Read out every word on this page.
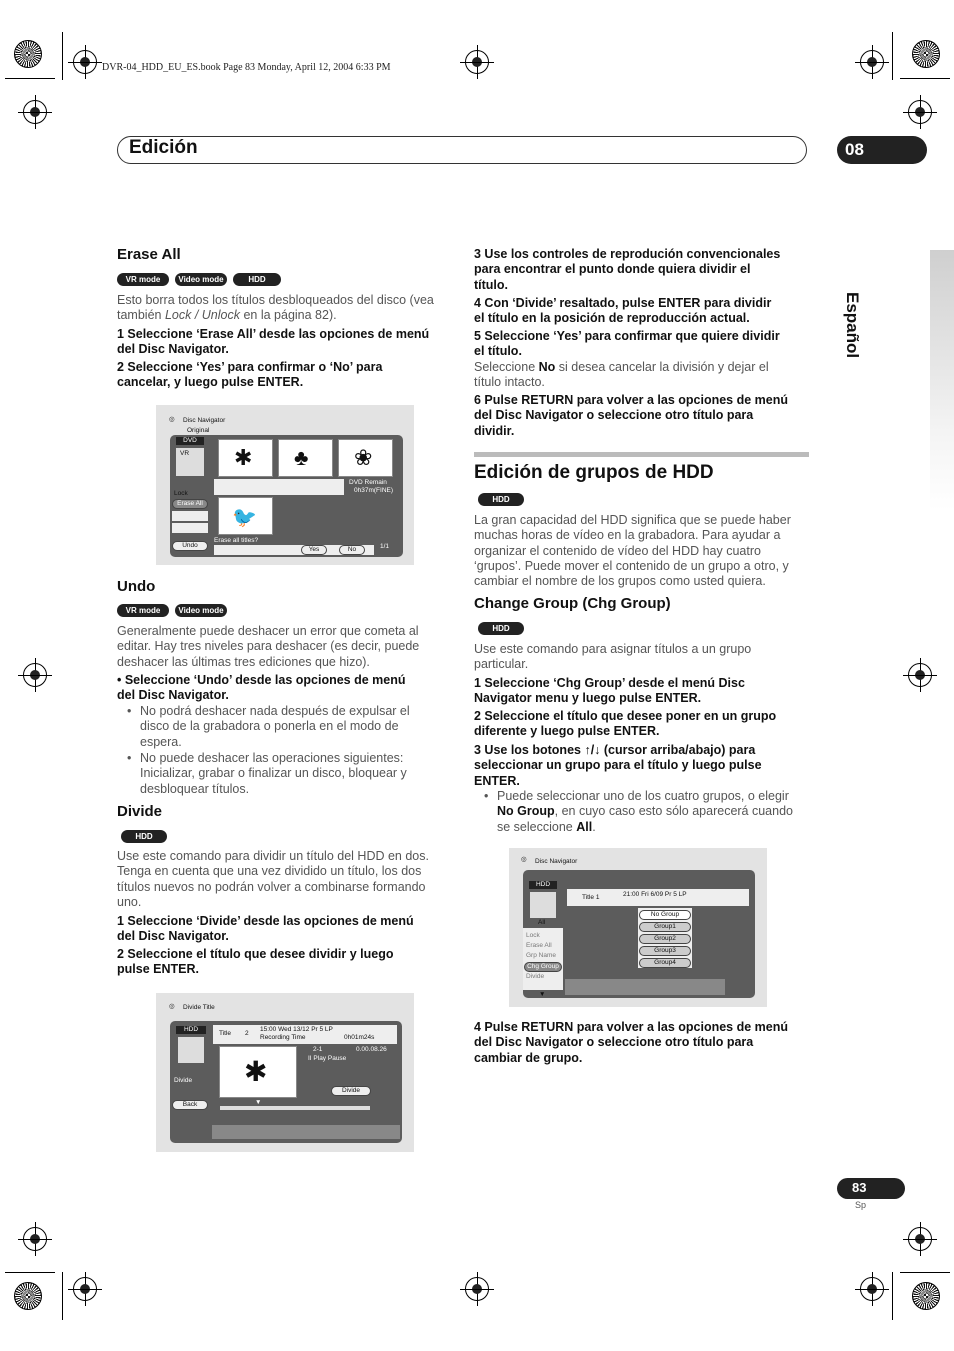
DVR-04_HDD_EU_ES.book Page 83 Monday, April 12, 2004 6:33 PM
Edición	08
Español
Erase All
VR mode	Video mode	HDD
Esto borra todos los títulos desbloqueados del disco (vea
también Lock / Unlock en la página 82).
1 Seleccione ‘Erase All’ desde las opciones de menú
del Disc Navigator.
2 Seleccione ‘Yes’ para confirmar o ‘No’ para
cancelar, y luego pulse ENTER.
◎ Disc Navigator
Original
DVD
VR
1	2	3
✱ ♣ ❀
DVD Remain
0h37m(FINE)
Lock
Erase All	4
🐦
Undo
Erase all titles?
Yes	No	1/1
Undo
VR mode	Video mode
Generalmente puede deshacer un error que cometa al
editar. Hay tres niveles para deshacer (es decir, puede
deshacer las últimas tres ediciones que hizo).
• Seleccione ‘Undo’ desde las opciones de menú
del Disc Navigator.
• No podrá deshacer nada después de expulsar el
disco de la grabadora o ponerla en el modo de
espera.
• No puede deshacer las operaciones siguientes:
Inicializar, grabar o finalizar un disco, bloquear y
desbloquear títulos.
Divide
HDD
Use este comando para dividir un título del HDD en dos.
Tenga en cuenta que una vez dividido un título, los dos
títulos nuevos no podrán volver a combinarse formando
uno.
1 Seleccione ‘Divide’ desde las opciones de menú
del Disc Navigator.
2 Seleccione el título que desee dividir y luego
pulse ENTER.
◎ Divide Title
HDD
Title 2
15:00 Wed 13/12 Pr 5 LP
Recording Time	0h01m24s
2-1	0.00.08.26
II Play Pause
✱
Divide
Back
Divide
▼
3 Use los controles de reprodución convencionales
para encontrar el punto donde quiera dividir el
título.
4 Con ‘Divide’ resaltado, pulse ENTER para dividir
el título en la posición de reproducción actual.
5 Seleccione ‘Yes’ para confirmar que quiere dividir
el título.
Seleccione No si desea cancelar la división y dejar el
título intacto.
6 Pulse RETURN para volver a las opciones de menú
del Disc Navigator o seleccione otro título para
dividir.
Edición de grupos de HDD
HDD
La gran capacidad del HDD significa que se puede haber
muchas horas de vídeo en la grabadora. Para ayudar a
organizar el contenido de vídeo del HDD hay cuatro
‘grupos’. Puede mover el contenido de un grupo a otro, y
cambiar el nombre de los grupos como usted quiera.
Change Group (Chg Group)
HDD
Use este comando para asignar títulos a un grupo
particular.
1 Seleccione ‘Chg Group’ desde el menú Disc
Navigator menu y luego pulse ENTER.
2 Seleccione el título que desee poner en un grupo
diferente y luego pulse ENTER.
3 Use los botones ↑/↓ (cursor arriba/abajo) para
seleccionar un grupo para el título y luego pulse
ENTER.
• Puede seleccionar uno de los cuatro grupos, o elegir
No Group, en cuyo caso esto sólo aparecerá cuando
se seleccione All.
◎ Disc Navigator
HDD
All
Lock
Erase All
Grp Name
Chg Group
Divide
▼
Title 1	21:00 Fri 6/09 Pr 5 LP
No Group
Group1
Group2
Group3
Group4
4 Pulse RETURN para volver a las opciones de menú
del Disc Navigator o seleccione otro título para
cambiar de grupo.
83
Sp
